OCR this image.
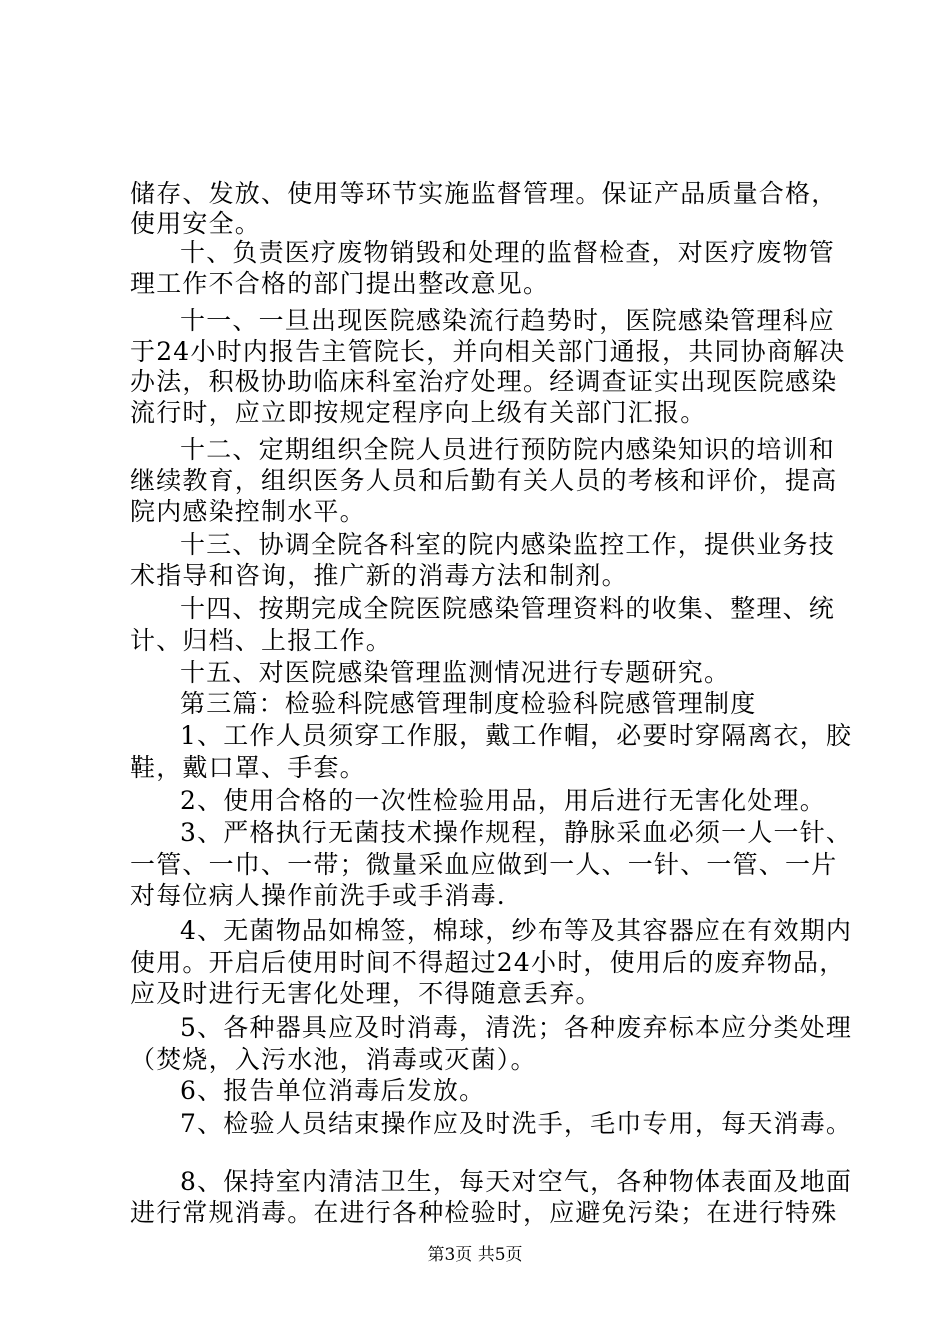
储存、发放、使用等环节实施监督管理。保证产品质量合格，
使用安全。
十、负责医疗废物销毁和处理的监督检查，对医疗废物管
理工作不合格的部门提出整改意见。
十一、一旦出现医院感染流行趋势时，医院感染管理科应
于24小时内报告主管院长，并向相关部门通报，共同协商解决
办法，积极协助临床科室治疗处理。经调查证实出现医院感染
流行时，应立即按规定程序向上级有关部门汇报。
十二、定期组织全院人员进行预防院内感染知识的培训和
继续教育，组织医务人员和后勤有关人员的考核和评价，提高
院内感染控制水平。
十三、协调全院各科室的院内感染监控工作，提供业务技
术指导和咨询，推广新的消毒方法和制剂。
十四、按期完成全院医院感染管理资料的收集、整理、统
计、归档、上报工作。
十五、对医院感染管理监测情况进行专题研究。
第三篇：检验科院感管理制度检验科院感管理制度
1、工作人员须穿工作服，戴工作帽，必要时穿隔离衣，胶
鞋，戴口罩、手套。
2、使用合格的一次性检验用品，用后进行无害化处理。
3、严格执行无菌技术操作规程，静脉采血必须一人一针、
一管、一巾、一带；微量采血应做到一人、一针、一管、一片
对每位病人操作前洗手或手消毒.
4、无菌物品如棉签，棉球，纱布等及其容器应在有效期内
使用。开启后使用时间不得超过24小时，使用后的废弃物品，
应及时进行无害化处理，不得随意丢弃。
5、各种器具应及时消毒，清洗；各种废弃标本应分类处理
（焚烧，入污水池，消毒或灭菌）。
6、报告单位消毒后发放。
7、检验人员结束操作应及时洗手，毛巾专用，每天消毒。
8、保持室内清洁卫生，每天对空气，各种物体表面及地面
进行常规消毒。在进行各种检验时，应避免污染；在进行特殊
第3页 共5页
